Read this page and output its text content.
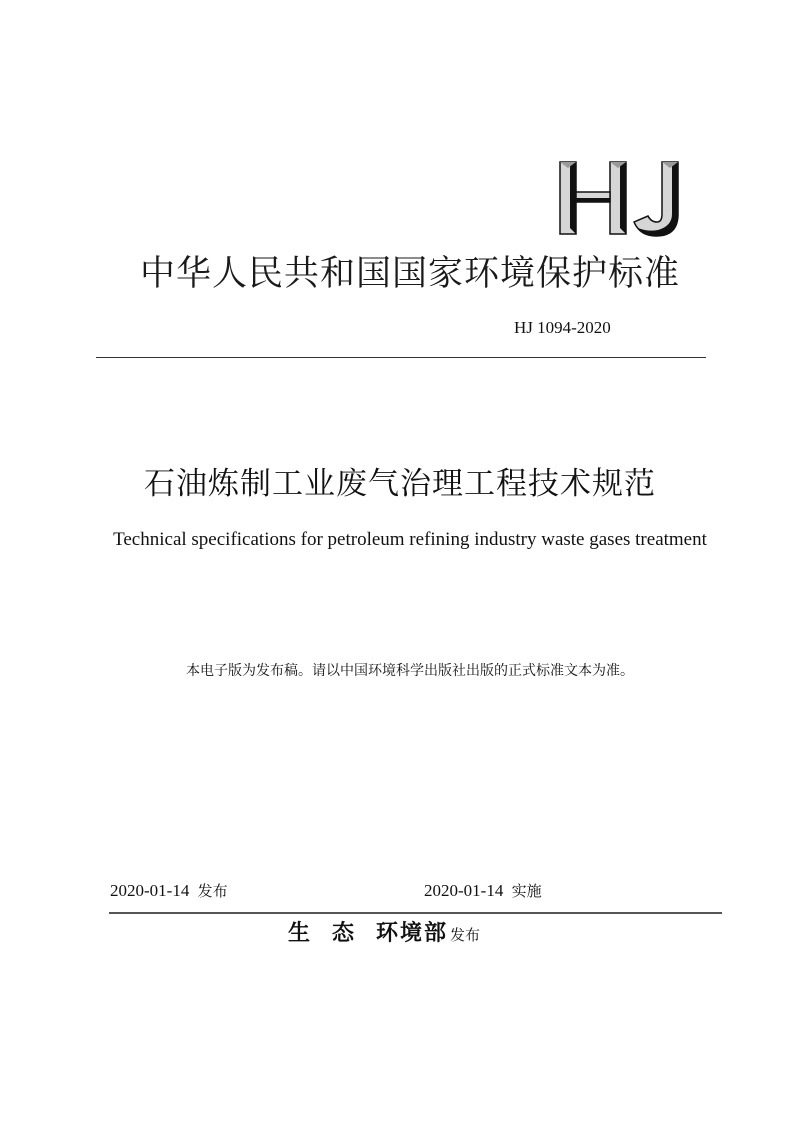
中华人民共和国国家环境保护标准
HJ 1094-2020
石油炼制工业废气治理工程技术规范
Technical specifications for petroleum refining industry waste gases treatment
本电子版为发布稿。请以中国环境科学出版社出版的正式标准文本为准。
2020-01-14 发布	2020-01-14 实施
生 态 环境部 发布
